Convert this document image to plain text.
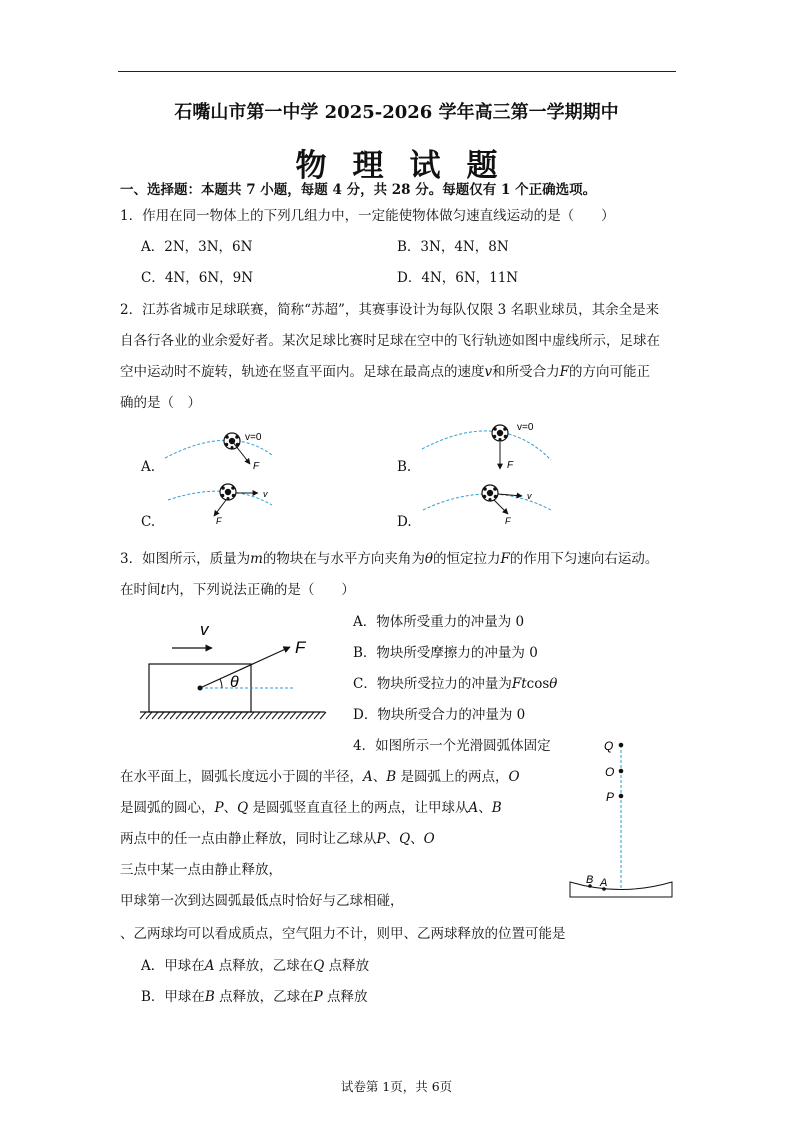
石嘴山市第一中学 2025-2026 学年高三第一学期期中
物理试题
一、选择题：本题共 7 小题，每题 4 分，共 28 分。每题仅有 1 个正确选项。
1．作用在同一物体上的下列几组力中，一定能使物体做匀速直线运动的是（　　）
A．2N，3N，6N	B．3N，4N，8N
C．4N，6N，9N	D．4N，6N，11N
2．江苏省城市足球联赛，简称“苏超”，其赛事设计为每队仅限 3 名职业球员，其余全是来
自各行各业的业余爱好者。某次足球比赛时足球在空中的飞行轨迹如图中虚线所示，足球在
空中运动时不旋转，轨迹在竖直平面内。足球在最高点的速度v和所受合力F的方向可能正
确的是（　）
A.	B.
C.	D.
v=0
F
v=0
F
v
F
v
F
v
F
θ
Q
O
P
B A
3．如图所示，质量为m的物块在与水平方向夹角为θ的恒定拉力F的作用下匀速向右运动。
在时间t内，下列说法正确的是（　　）
A．物体所受重力的冲量为 0
B．物块所受摩擦力的冲量为 0
C．物块所受拉力的冲量为Ftcosθ
D．物块所受合力的冲量为 0
4．如图所示一个光滑圆弧体固定
在水平面上，圆弧长度远小于圆的半径，A、B 是圆弧上的两点，O
是圆弧的圆心，P、Q 是圆弧竖直直径上的两点，让甲球从A、B
两点中的任一点由静止释放，同时让乙球从P、Q、O
三点中某一点由静止释放，
甲球第一次到达圆弧最低点时恰好与乙球相碰，
、乙两球均可以看成质点，空气阻力不计，则甲、乙两球释放的位置可能是
A．甲球在A 点释放，乙球在Q 点释放
B．甲球在B 点释放，乙球在P 点释放
试卷第 1页，共 6页
